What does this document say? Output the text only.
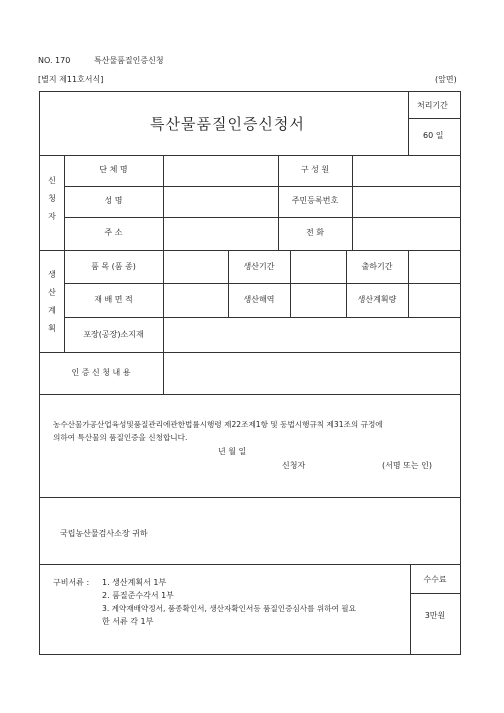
NO. 170	특산물품질인증신청
[별지 제11호서식]	(앞면)
특산물품질인증신청서
처리기간
60 일
신
청
자
단 체 명	구 성 원
성 명	주민등록번호
주 소	전 화
생
산
계
획
품 목 (품 종)	생산기간	출하기간
재 배 면 적	생산해역	생산계획량
포장(공장)소지재
인 증 신 청 내 용
농수산물가공산업육성및품질관리에관한법률시행령 제22조제1항 및 동법시행규칙 제31조의 규정에
의하여 특산물의 품질인증을 신청합니다.
년 월 일
신청자	(서명 또는 인)
국립농산물검사소장 귀하
구비서류 : 1. 생산계획서 1부
2. 품질준수각서 1부
3. 계약재배약정서, 품종확인서, 생산자확인서등 품질인증심사를 위하여 필요
한 서류 각 1부
수수료
3만원
